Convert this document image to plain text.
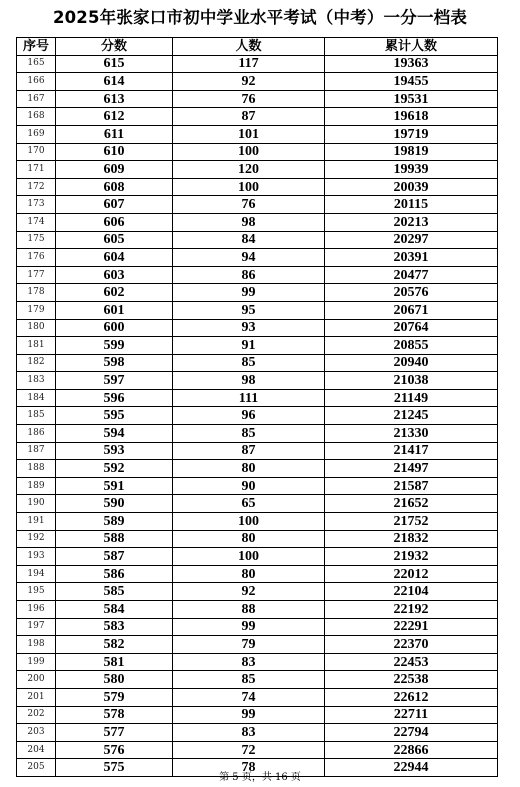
2025年张家口市初中学业水平考试（中考）一分一档表
序号	分数	人数	累计人数
165	615	117	19363
166	614	92	19455
167	613	76	19531
168	612	87	19618
169	611	101	19719
170	610	100	19819
171	609	120	19939
172	608	100	20039
173	607	76	20115
174	606	98	20213
175	605	84	20297
176	604	94	20391
177	603	86	20477
178	602	99	20576
179	601	95	20671
180	600	93	20764
181	599	91	20855
182	598	85	20940
183	597	98	21038
184	596	111	21149
185	595	96	21245
186	594	85	21330
187	593	87	21417
188	592	80	21497
189	591	90	21587
190	590	65	21652
191	589	100	21752
192	588	80	21832
193	587	100	21932
194	586	80	22012
195	585	92	22104
196	584	88	22192
197	583	99	22291
198	582	79	22370
199	581	83	22453
200	580	85	22538
201	579	74	22612
202	578	99	22711
203	577	83	22794
204	576	72	22866
205	575	78	22944
第 5 页，共 16 页
